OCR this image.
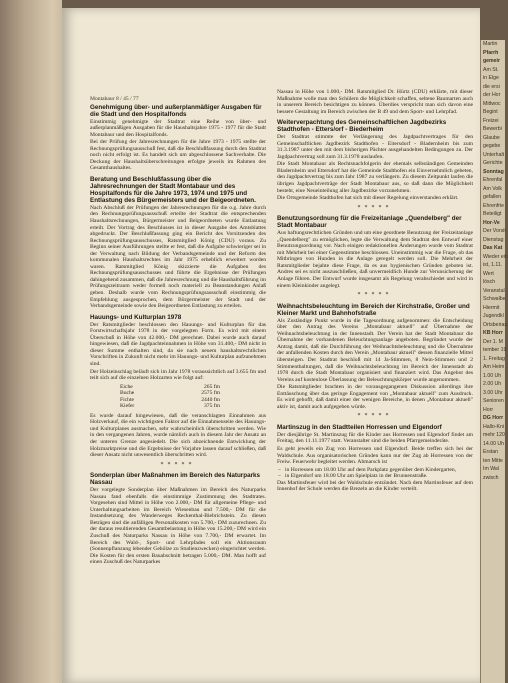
Montabaur 8 / 45 / 77
Genehmigung über- und außerplanmäßiger Ausgaben für die Stadt und den Hospitalfonds

Einstimmig genehmigte der Stadtrat eine Reihe von über- und außerplanmäßigen Ausgaben für die Haushaltsjahre 1975 - 1977 für die Stadt Montabaur und den Hospitalfonds.

Bei der Prüfung der Jahresrechnungen für die Jahre 1973 - 1975 stellte der Rechnungsprüfungsausschuß fest, daß die Beschlußfassung durch den Stadtrat noch nicht erfolgt ist. Es handelt sich um abgeschlossene Sachverhalte. Die Deckung der Haushaltsüberschreitungen erfolgte jeweils im Rahmen des Gesamthaushaltes.

Beratung und Beschlußfassung über die Jahresrechnungen der Stadt Montabaur und des Hospitalfonds für die Jahre 1973, 1974 und 1975 und Entlastung des Bürgermeisters und der Beigeordneten.

Nach Abschluß der Prüfungen der Jahresrechnungen für die o.g. Jahre durch den Rechnungsprüfungsausschuß erteilte der Stadtrat die entsprechenden Haushaltsrechnungen, Bürgermeister und Beigeordneten wurde Entlastung erteilt. Der Vortrag des Beschlusses ist in dieser Ausgabe des Amtsblattes abgedruckt. Der Beschlußfassung ging ein Bericht des Vorsitzenden des Rechnungsprüfungsausschusses, Ratsmitglied König (CDU) voraus. Zu Beginn seiner Ausführungen stellte er fest, daß die Aufgabe schwieriger sei in der Verwaltung nach Bildung der Verbandsgemeinde und der Reform des kommunalen Haushaltsrechtes im Jahr 1975 erheblich erweitert worden waren. Ratsmitglied König skizzierte die Aufgaben des Rechnungsprüfungsausschusses und führte die Ergebnisse der Prüfungen dahingehend zusammen, daß die Jahresrechnung und die Haushaltsführung im Prüfungszeitraum weder formell noch materiell zu Beanstandungen Anlaß geben. Deshalb wurde vom Rechnungsprüfungsausschuß einstimmig die Empfehlung ausgesprochen, dem Bürgermeister der Stadt und der Verbandsgemeinde sowie den Beigeordneten Entlastung zu erteilen.

Hauungs- und Kulturplan 1978

Der Ratsmitglieder beschlossen den Hauungs- und Kulturplan für das Forstwirtschaftsjahr 1978 in der vorgelegten Form. Es wird mit einem Überschuß in Höhe von 42.000,- DM gerechnet. Dabei wurde auch darauf hingewiesen, daß die Jagdpachteinnahmen in Höhe von 31.400,- DM nicht in dieser Summe enthalten sind, da sie nach neuem haushaltsrechtlichen Vorschriften in Zukunft nicht mehr im Hauungs- und Kulturplan aufzunehmen sind.

Der Holzeinschlag beläuft sich im Jahr 1978 voraussichtlich auf 3.655 fm und teilt sich auf die einzelnen Holzarten wie folgt auf:

Eiche	265 fm
Buche	2575 fm
Fichte	2440 fm
Kiefer	375 fm

Es wurde darauf hingewiesen, daß die veranschlagten Einnahmen aus Holzverkauf, die ein wichtigsten Faktor auf die Einnahmenseite des Hauungs- und Kulturplanes ausmachen, sehr wahrscheinlich überschritten werden. Wie in den vergangenen Jahren, wurde nämlich auch in diesem Jahr der Ansatz an der unteren Grenze angesiedelt. Die sich abzeichnende Entwicklung der Holzmarktpreise und die Ergebnisse der Vorjahre lassen darauf schließen, daß dieser Ansatz nicht unwesentlich überschritten wird.

*****
Sonderplan über Maßnahmen im Bereich des Naturparks Nassau

Der vorgelegte Sonderplan über Maßnahmen im Bereich des Naturparks Nassau fand ebenfalls die einstimmige Zustimmung des Stadtrates. Vorgesehen sind Mittel in Höhe von 2.000,- DM für allgemeine Pflege- und Unterhaltungsarbeiten im Bereich Wiesenbau und 7.500,- DM für die Instandsetzung des Wanderweges Reckenthal-Biebrichstein. Zu diesen Beträgen sind die anfälligen Personalkosten von 5.700,- DM zuzurechnen. Zu der daraus resultierenden Gesamtbelastung in Höhe von 15.200,- DM wird ein Zuschuß des Naturparks Nassau in Höhe von 7.700,- DM erwartet. Im Bereich des Wald-, Sport- und Lehrpfades soll ein Aktionsraum (Sonnenpflanzung lebender Gehölze zu Studienzwecken) eingerichtet werden. Die Kosten für den ersten Bauabschnitt betragen 5.000,- DM. Man hofft auf einen Zuschuß des Naturparkes

Nassau in Höhe von 1.000,- DM. Ratsmitglied Dr. Hürtz (CDU) erklärte, mit dieser Maßnahme wolle man den Schülern die Möglichkeit schaffen, seltene Baumarten auch in unserem Bereich besichtigen zu können. Überdies verspricht man sich davon eine bessere Gestaltung im Bereich zwischen der B 49 und dem Sport- und Lehrpfad.

Weiterverpachtung des Gemeinschaftlichen Jagdbezirks Stadthofen - Etters/orf - Biederheim

Der Stadtrat stimmte der Verlängerung des Jagdpachtvertrages für den Gemeinschaftlichen Jagdbezirk Stadthofen - Eitersdorf - Bladernheim bis zum 31.3.1987 unter den mit dem bisherigen Pächter ausgehandelten Bedingungen zu. Der Jagdpachtvertrag soll zum 31.3.1978 auslaufen.

Die Stadt Montabaur als Rechtsnachfolgerin der ehemals selbständigen Gemeinden Bladernheim und Ettersdorf hat die Gemeinde Stadthofen ein Einvernehmlich gebeten, den Jagdpachtvertrag bis zum Jahr 1987 zu verlängern. Zu diesem Zeitpunkt laufen die übrigen Jagdpachtverträge der Stadt Montabaur aus, so daß dann die Möglichkeit besteht, eine Neueinteilung aller Jagdbezirke vorzunehmen.

Die Ortsgemeinde Stadthofen hat sich mit dieser Regelung einverstanden erklärt.

*****
Benutzungsordnung für die Freizeitanlage „Quendelberg" der Stadt Montabaur

Aus haftungsrechtlichen Gründen und um eine geordnete Benutzung der Freizeitanlage „Quendelberg" zu ermöglichen, legte die Verwaltung dem Stadtrat den Entwurf einer Benutzungsordnung vor. Nach einigen redaktionellen Änderungen wurde vom Stadtrat mit Mehrheit bei einer Gegenstimme beschlossen. Uneinstimmig war die Frage, ob das Mitbringen von Hunden in die Anlage geregelt werden soll. Die Mehrheit der Ratsmitglieder bejahte diese Frage, da es aus hygienischen Gründen geboten ist. Andres sei es nicht auszuschließen, daß unvermeidlich Hunde zur Verunsicherung der Anlage führen. Der Entwurf wurde insgesamt als Regelung verabschiedet und wird in einem Kleinkinder angelegt.

*****
Weihnachtsbeleuchtung im Bereich der Kirchstraße, Großer und Kleiner Markt und Bahnhofstraße

Als Zuständige Punkt wurde in die Tagesordnung aufgenommen: die Entscheidung über den Antrag des Vereins „Montabaur aktuell" auf Übernahme der Weihnachtsbeleuchtung in der Innenstadt. Der Verein hat der Stadt Montabaur die Übernahme der vorhandenen Beleuchtungsanlage angeboten. Begründet wurde der Antrag damit, daß die Durchführung der Weihnachtsbeleuchtung und die Übernahme der anfallenden Kosten durch den Verein „Montabaur aktuell" dessen finanzielle Mittel übersteigen. Der Stadtrat beschloß mit 14 Ja-Stimmen, 8 Nein-Stimmen und 2 Stimmenthaltungen, daß die Weihnachtsbeleuchtung im Bereich der Innenstadt ab 1978 durch die Stadt Montabaur organisiert und finanziert wird. Das Angebot des Vereins auf kostenlose Überlassung der Beleuchtungskörper wurde angenommen.

Die Ratsmitglieder brachten in der vorausgegangenen Diskussion allerdings ihre Enttäuschung über das geringe Engagement von „Montabaur aktuell" zum Ausdruck. Es wird gehofft, daß damit einer der wenigen Bereiche, in denen „Montabaur aktuell" aktiv ist, damit auch aufgegeben würde.

*****
Martinszug in den Stadtteilen Horressen und Elgendorf

Der diesjährige St. Martinszug für die Kinder aus Horressen und Elgendorf findet am Freitag, den 11.11.1977 statt. Veranstalter sind die beiden Pfarrgemeinderäte.

Es geht jeweils ein Zug von Horressen und Elgendorf. Beide treffen sich bei der Waldschule. Aus organisatorischen Gründen kann nur der Zug ab Horressen von der Freiw. Feuerwehr begleitet werden. Abmarsch ist

– in Horressen um 18.00 Uhr auf dem Parkplatz gegenüber dem Kindergarten,
– in Elgendorf um 18.00 Uhr am Spielplatz in der Brunnenstraße.

Das Martinsfeuer wird bei der Waldschule entzündet. Nach dem Martinsfeuer auf dem Innenhof der Schule werden die Brezeln an die Kinder verteilt.

Martin
Pfarrh
gemeir
Am St.
in Elge
die ersi
der Hor
Mittwoc
Begint
Freizei
Bewerbi
Glaube
gegebe
Unterhalt
Gerichte
Sonntag
Ehrenfal
Am Volk
gefallen
Ehrenfrie
Beteiligt
Hor-Ve
Der Vorsit
Dienstag
Das Kat
Wieder ein
ist, 1.11.
Wert
lösch
Veranstal
Schwalbe
Hiermit
Jugendkl
Ortsbeiras
KB Horr
Der 1. M
tember 19
1. Freitag
Am Heim
1.00 Uh
2.00 Uh
3.00 Uhr
Senioren
Horr
DG Horr
Hallo-Kni
mehr 120
14.00 Uh
Erstan
ten Mitte
Im Wal
zwisch
